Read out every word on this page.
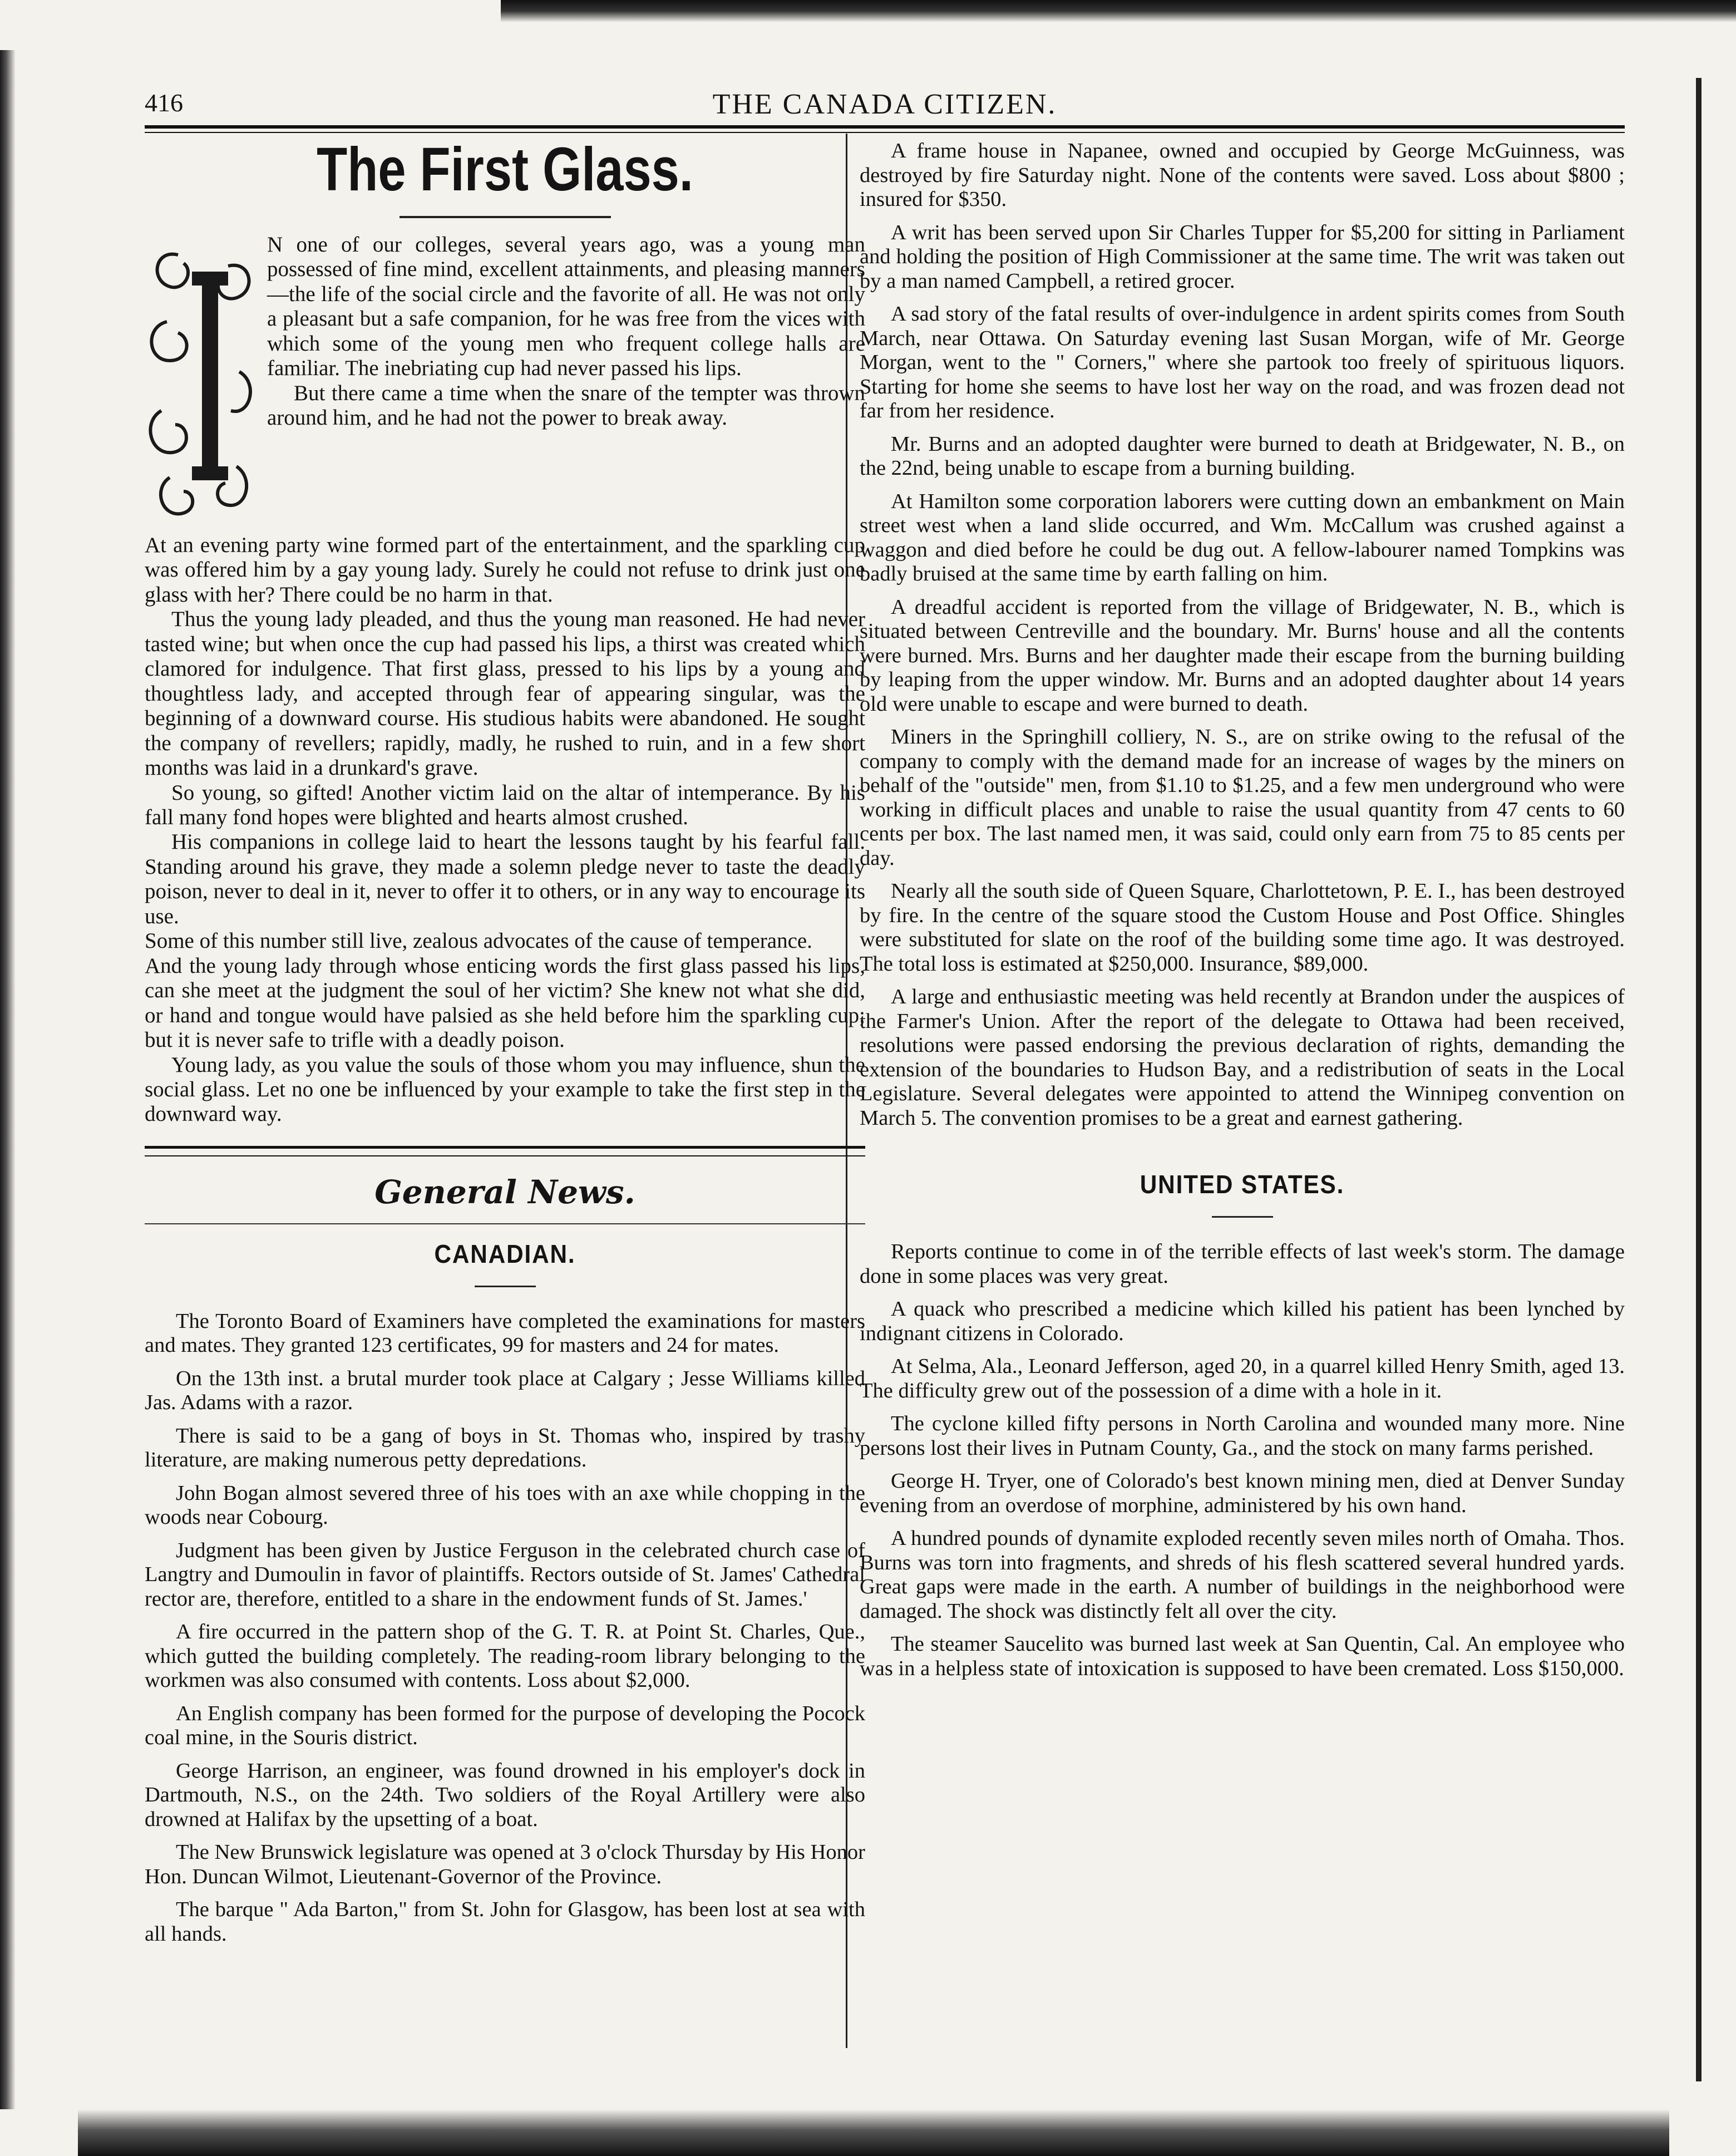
416	THE CANADA CITIZEN.
The First Glass.
N one of our colleges, several years ago, was a young man possessed of fine mind, excellent attainments, and pleasing manners—the life of the social circle and the favorite of all. He was not only a pleasant but a safe companion, for he was free from the vices with which some of the young men who frequent college halls are familiar. The inebriating cup had never passed his lips.
But there came a time when the snare of the tempter was thrown around him, and he had not the power to break away.

At an evening party wine formed part of the entertainment, and the sparkling cup was offered him by a gay young lady. Surely he could not refuse to drink just one glass with her? There could be no harm in that.

Thus the young lady pleaded, and thus the young man reasoned. He had never tasted wine; but when once the cup had passed his lips, a thirst was created which clamored for indulgence. That first glass, pressed to his lips by a young and thoughtless lady, and accepted through fear of appearing singular, was the beginning of a downward course. His studious habits were abandoned. He sought the company of revellers; rapidly, madly, he rushed to ruin, and in a few short months was laid in a drunkard's grave.

So young, so gifted! Another victim laid on the altar of intemperance. By his fall many fond hopes were blighted and hearts almost crushed.

His companions in college laid to heart the lessons taught by his fearful fall. Standing around his grave, they made a solemn pledge never to taste the deadly poison, never to deal in it, never to offer it to others, or in any way to encourage its use.

Some of this number still live, zealous advocates of the cause of temperance.

And the young lady through whose enticing words the first glass passed his lips, can she meet at the judgment the soul of her victim? She knew not what she did, or hand and tongue would have palsied as she held before him the sparkling cup; but it is never safe to trifle with a deadly poison.

Young lady, as you value the souls of those whom you may influence, shun the social glass. Let no one be influenced by your example to take the first step in the downward way.

General News.
CANADIAN.

The Toronto Board of Examiners have completed the examinations for masters and mates. They granted 123 certificates, 99 for masters and 24 for mates.

On the 13th inst. a brutal murder took place at Calgary ; Jesse Williams killed Jas. Adams with a razor.

There is said to be a gang of boys in St. Thomas who, inspired by trashy literature, are making numerous petty depredations.

John Bogan almost severed three of his toes with an axe while chopping in the woods near Cobourg.

Judgment has been given by Justice Ferguson in the celebrated church case of Langtry and Dumoulin in favor of plaintiffs. Rectors outside of St. James' Cathedral rector are, therefore, entitled to a share in the endowment funds of St. James.'

A fire occurred in the pattern shop of the G. T. R. at Point St. Charles, Que., which gutted the building completely. The reading-room library belonging to the workmen was also consumed with contents. Loss about $2,000.

An English company has been formed for the purpose of developing the Pocock coal mine, in the Souris district.

George Harrison, an engineer, was found drowned in his employer's dock in Dartmouth, N.S., on the 24th. Two soldiers of the Royal Artillery were also drowned at Halifax by the upsetting of a boat.

The New Brunswick legislature was opened at 3 o'clock Thursday by His Honor Hon. Duncan Wilmot, Lieutenant-Governor of the Province.

The barque " Ada Barton," from St. John for Glasgow, has been lost at sea with all hands.

A frame house in Napanee, owned and occupied by George McGuinness, was destroyed by fire Saturday night. None of the contents were saved. Loss about $800 ; insured for $350.

A writ has been served upon Sir Charles Tupper for $5,200 for sitting in Parliament and holding the position of High Commissioner at the same time. The writ was taken out by a man named Campbell, a retired grocer.

A sad story of the fatal results of over-indulgence in ardent spirits comes from South March, near Ottawa. On Saturday evening last Susan Morgan, wife of Mr. George Morgan, went to the " Corners," where she partook too freely of spirituous liquors. Starting for home she seems to have lost her way on the road, and was frozen dead not far from her residence.

Mr. Burns and an adopted daughter were burned to death at Bridgewater, N. B., on the 22nd, being unable to escape from a burning building.

At Hamilton some corporation laborers were cutting down an embankment on Main street west when a land slide occurred, and Wm. McCallum was crushed against a waggon and died before he could be dug out. A fellow-labourer named Tompkins was badly bruised at the same time by earth falling on him.

A dreadful accident is reported from the village of Bridgewater, N. B., which is situated between Centreville and the boundary. Mr. Burns' house and all the contents were burned. Mrs. Burns and her daughter made their escape from the burning building by leaping from the upper window. Mr. Burns and an adopted daughter about 14 years old were unable to escape and were burned to death.

Miners in the Springhill colliery, N. S., are on strike owing to the refusal of the company to comply with the demand made for an increase of wages by the miners on behalf of the "outside" men, from $1.10 to $1.25, and a few men underground who were working in difficult places and unable to raise the usual quantity from 47 cents to 60 cents per box. The last named men, it was said, could only earn from 75 to 85 cents per day.

Nearly all the south side of Queen Square, Charlottetown, P. E. I., has been destroyed by fire. In the centre of the square stood the Custom House and Post Office. Shingles were substituted for slate on the roof of the building some time ago. It was destroyed. The total loss is estimated at $250,000. Insurance, $89,000.

A large and enthusiastic meeting was held recently at Brandon under the auspices of the Farmer's Union. After the report of the delegate to Ottawa had been received, resolutions were passed endorsing the previous declaration of rights, demanding the extension of the boundaries to Hudson Bay, and a redistribution of seats in the Local Legislature. Several delegates were appointed to attend the Winnipeg convention on March 5. The convention promises to be a great and earnest gathering.

UNITED STATES.

Reports continue to come in of the terrible effects of last week's storm. The damage done in some places was very great.

A quack who prescribed a medicine which killed his patient has been lynched by indignant citizens in Colorado.

At Selma, Ala., Leonard Jefferson, aged 20, in a quarrel killed Henry Smith, aged 13. The difficulty grew out of the possession of a dime with a hole in it.

The cyclone killed fifty persons in North Carolina and wounded many more. Nine persons lost their lives in Putnam County, Ga., and the stock on many farms perished.

George H. Tryer, one of Colorado's best known mining men, died at Denver Sunday evening from an overdose of morphine, administered by his own hand.

A hundred pounds of dynamite exploded recently seven miles north of Omaha. Thos. Burns was torn into fragments, and shreds of his flesh scattered several hundred yards. Great gaps were made in the earth. A number of buildings in the neighborhood were damaged. The shock was distinctly felt all over the city.

The steamer Saucelito was burned last week at San Quentin, Cal. An employee who was in a helpless state of intoxication is supposed to have been cremated. Loss $150,000.
